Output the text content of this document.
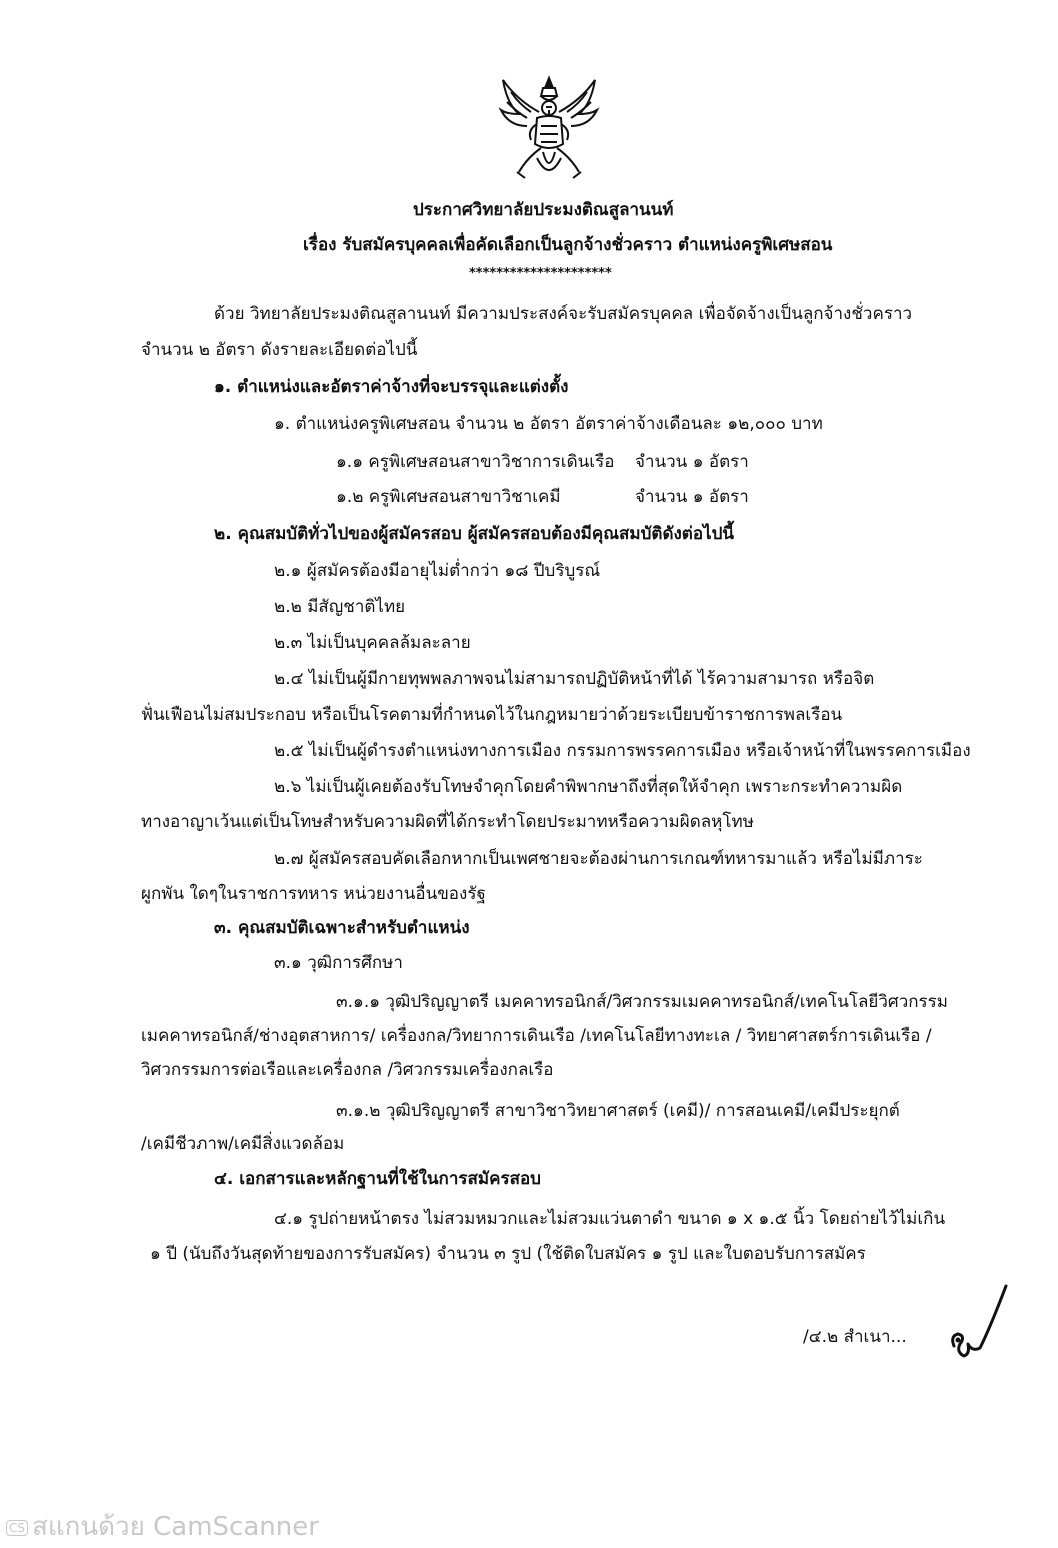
ประกาศวิทยาลัยประมงติณสูลานนท์
เรื่อง รับสมัครบุคคลเพื่อคัดเลือกเป็นลูกจ้างชั่วคราว ตำแหน่งครูพิเศษสอน
*********************
ด้วย วิทยาลัยประมงติณสูลานนท์ มีความประสงค์จะรับสมัครบุคคล เพื่อจัดจ้างเป็นลูกจ้างชั่วคราว
จำนวน ๒ อัตรา ดังรายละเอียดต่อไปนี้
๑. ตำแหน่งและอัตราค่าจ้างที่จะบรรจุและแต่งตั้ง
๑. ตำแหน่งครูพิเศษสอน จำนวน ๒ อัตรา อัตราค่าจ้างเดือนละ ๑๒,๐๐๐ บาท
๑.๑ ครูพิเศษสอนสาขาวิชาการเดินเรือ จำนวน ๑ อัตรา
๑.๒ ครูพิเศษสอนสาขาวิชาเคมี	จำนวน ๑ อัตรา
๒. คุณสมบัติทั่วไปของผู้สมัครสอบ ผู้สมัครสอบต้องมีคุณสมบัติดังต่อไปนี้
๒.๑ ผู้สมัครต้องมีอายุไม่ต่ำกว่า ๑๘ ปีบริบูรณ์
๒.๒ มีสัญชาติไทย
๒.๓ ไม่เป็นบุคคลล้มละลาย
๒.๔ ไม่เป็นผู้มีกายทุพพลภาพจนไม่สามารถปฏิบัติหน้าที่ได้ ไร้ความสามารถ หรือจิต
ฟั่นเฟือนไม่สมประกอบ หรือเป็นโรคตามที่กำหนดไว้ในกฎหมายว่าด้วยระเบียบข้าราชการพลเรือน
๒.๕ ไม่เป็นผู้ดำรงตำแหน่งทางการเมือง กรรมการพรรคการเมือง หรือเจ้าหน้าที่ในพรรคการเมือง
๒.๖ ไม่เป็นผู้เคยต้องรับโทษจำคุกโดยคำพิพากษาถึงที่สุดให้จำคุก เพราะกระทำความผิด
ทางอาญาเว้นแต่เป็นโทษสำหรับความผิดที่ได้กระทำโดยประมาทหรือความผิดลหุโทษ
๒.๗ ผู้สมัครสอบคัดเลือกหากเป็นเพศชายจะต้องผ่านการเกณฑ์ทหารมาแล้ว หรือไม่มีภาระ
ผูกพัน ใดๆในราชการทหาร หน่วยงานอื่นของรัฐ
๓. คุณสมบัติเฉพาะสำหรับตำแหน่ง
๓.๑ วุฒิการศึกษา
๓.๑.๑ วุฒิปริญญาตรี เมคคาทรอนิกส์/วิศวกรรมเมคคาทรอนิกส์/เทคโนโลยีวิศวกรรม
เมคคาทรอนิกส์/ช่างอุตสาหการ/ เครื่องกล/วิทยาการเดินเรือ /เทคโนโลยีทางทะเล / วิทยาศาสตร์การเดินเรือ /
วิศวกรรมการต่อเรือและเครื่องกล /วิศวกรรมเครื่องกลเรือ
๓.๑.๒ วุฒิปริญญาตรี สาขาวิชาวิทยาศาสตร์ (เคมี)/ การสอนเคมี/เคมีประยุกต์
/เคมีชีวภาพ/เคมีสิ่งแวดล้อม
๔. เอกสารและหลักฐานที่ใช้ในการสมัครสอบ
๔.๑ รูปถ่ายหน้าตรง ไม่สวมหมวกและไม่สวมแว่นตาดำ ขนาด ๑ x ๑.๕ นิ้ว โดยถ่ายไว้ไม่เกิน
๑ ปี (นับถึงวันสุดท้ายของการรับสมัคร) จำนวน ๓ รูป (ใช้ติดใบสมัคร ๑ รูป และใบตอบรับการสมัคร
/๔.๒ สำเนา...
CS สแกนด้วย CamScanner
